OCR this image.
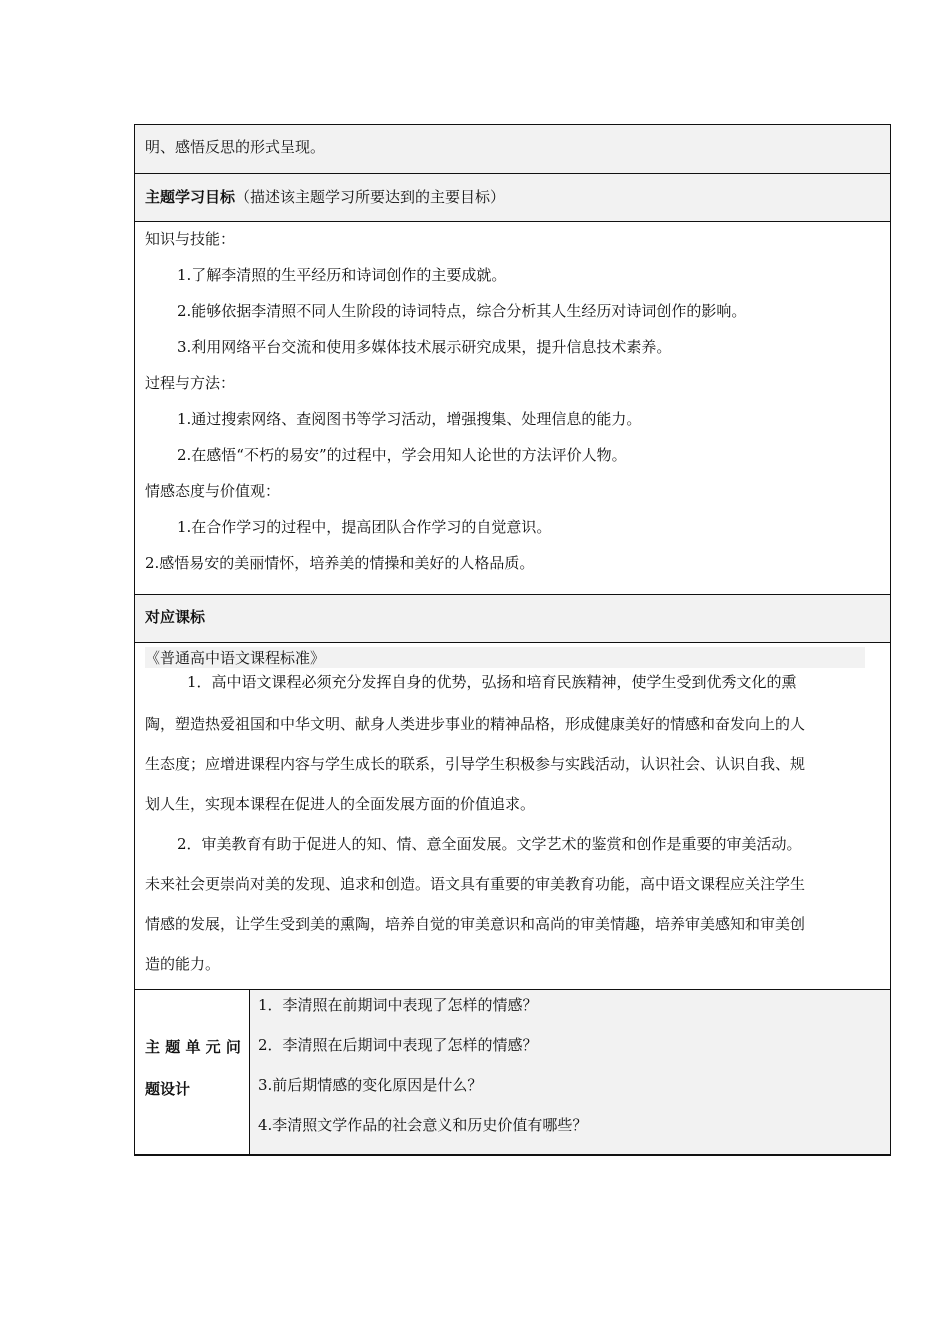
明、感悟反思的形式呈现。
主题学习目标（描述该主题学习所要达到的主要目标）
知识与技能：
1.了解李清照的生平经历和诗词创作的主要成就。
2.能够依据李清照不同人生阶段的诗词特点，综合分析其人生经历对诗词创作的影响。
3.利用网络平台交流和使用多媒体技术展示研究成果，提升信息技术素养。
过程与方法：
1.通过搜索网络、查阅图书等学习活动，增强搜集、处理信息的能力。
2.在感悟“不朽的易安”的过程中，学会用知人论世的方法评价人物。
情感态度与价值观：
1.在合作学习的过程中，提高团队合作学习的自觉意识。
2.感悟易安的美丽情怀，培养美的情操和美好的人格品质。
对应课标
《普通高中语文课程标准》
1．高中语文课程必须充分发挥自身的优势，弘扬和培育民族精神，使学生受到优秀文化的熏
陶，塑造热爱祖国和中华文明、献身人类进步事业的精神品格，形成健康美好的情感和奋发向上的人
生态度；应增进课程内容与学生成长的联系，引导学生积极参与实践活动，认识社会、认识自我、规
划人生，实现本课程在促进人的全面发展方面的价值追求。
2．审美教育有助于促进人的知、情、意全面发展。文学艺术的鉴赏和创作是重要的审美活动。
未来社会更崇尚对美的发现、追求和创造。语文具有重要的审美教育功能，高中语文课程应关注学生
情感的发展，让学生受到美的熏陶，培养自觉的审美意识和高尚的审美情趣，培养审美感知和审美创
造的能力。
主 题 单 元 问
题设计
1．李清照在前期词中表现了怎样的情感？
2．李清照在后期词中表现了怎样的情感？
3.前后期情感的变化原因是什么？
4.李清照文学作品的社会意义和历史价值有哪些？
